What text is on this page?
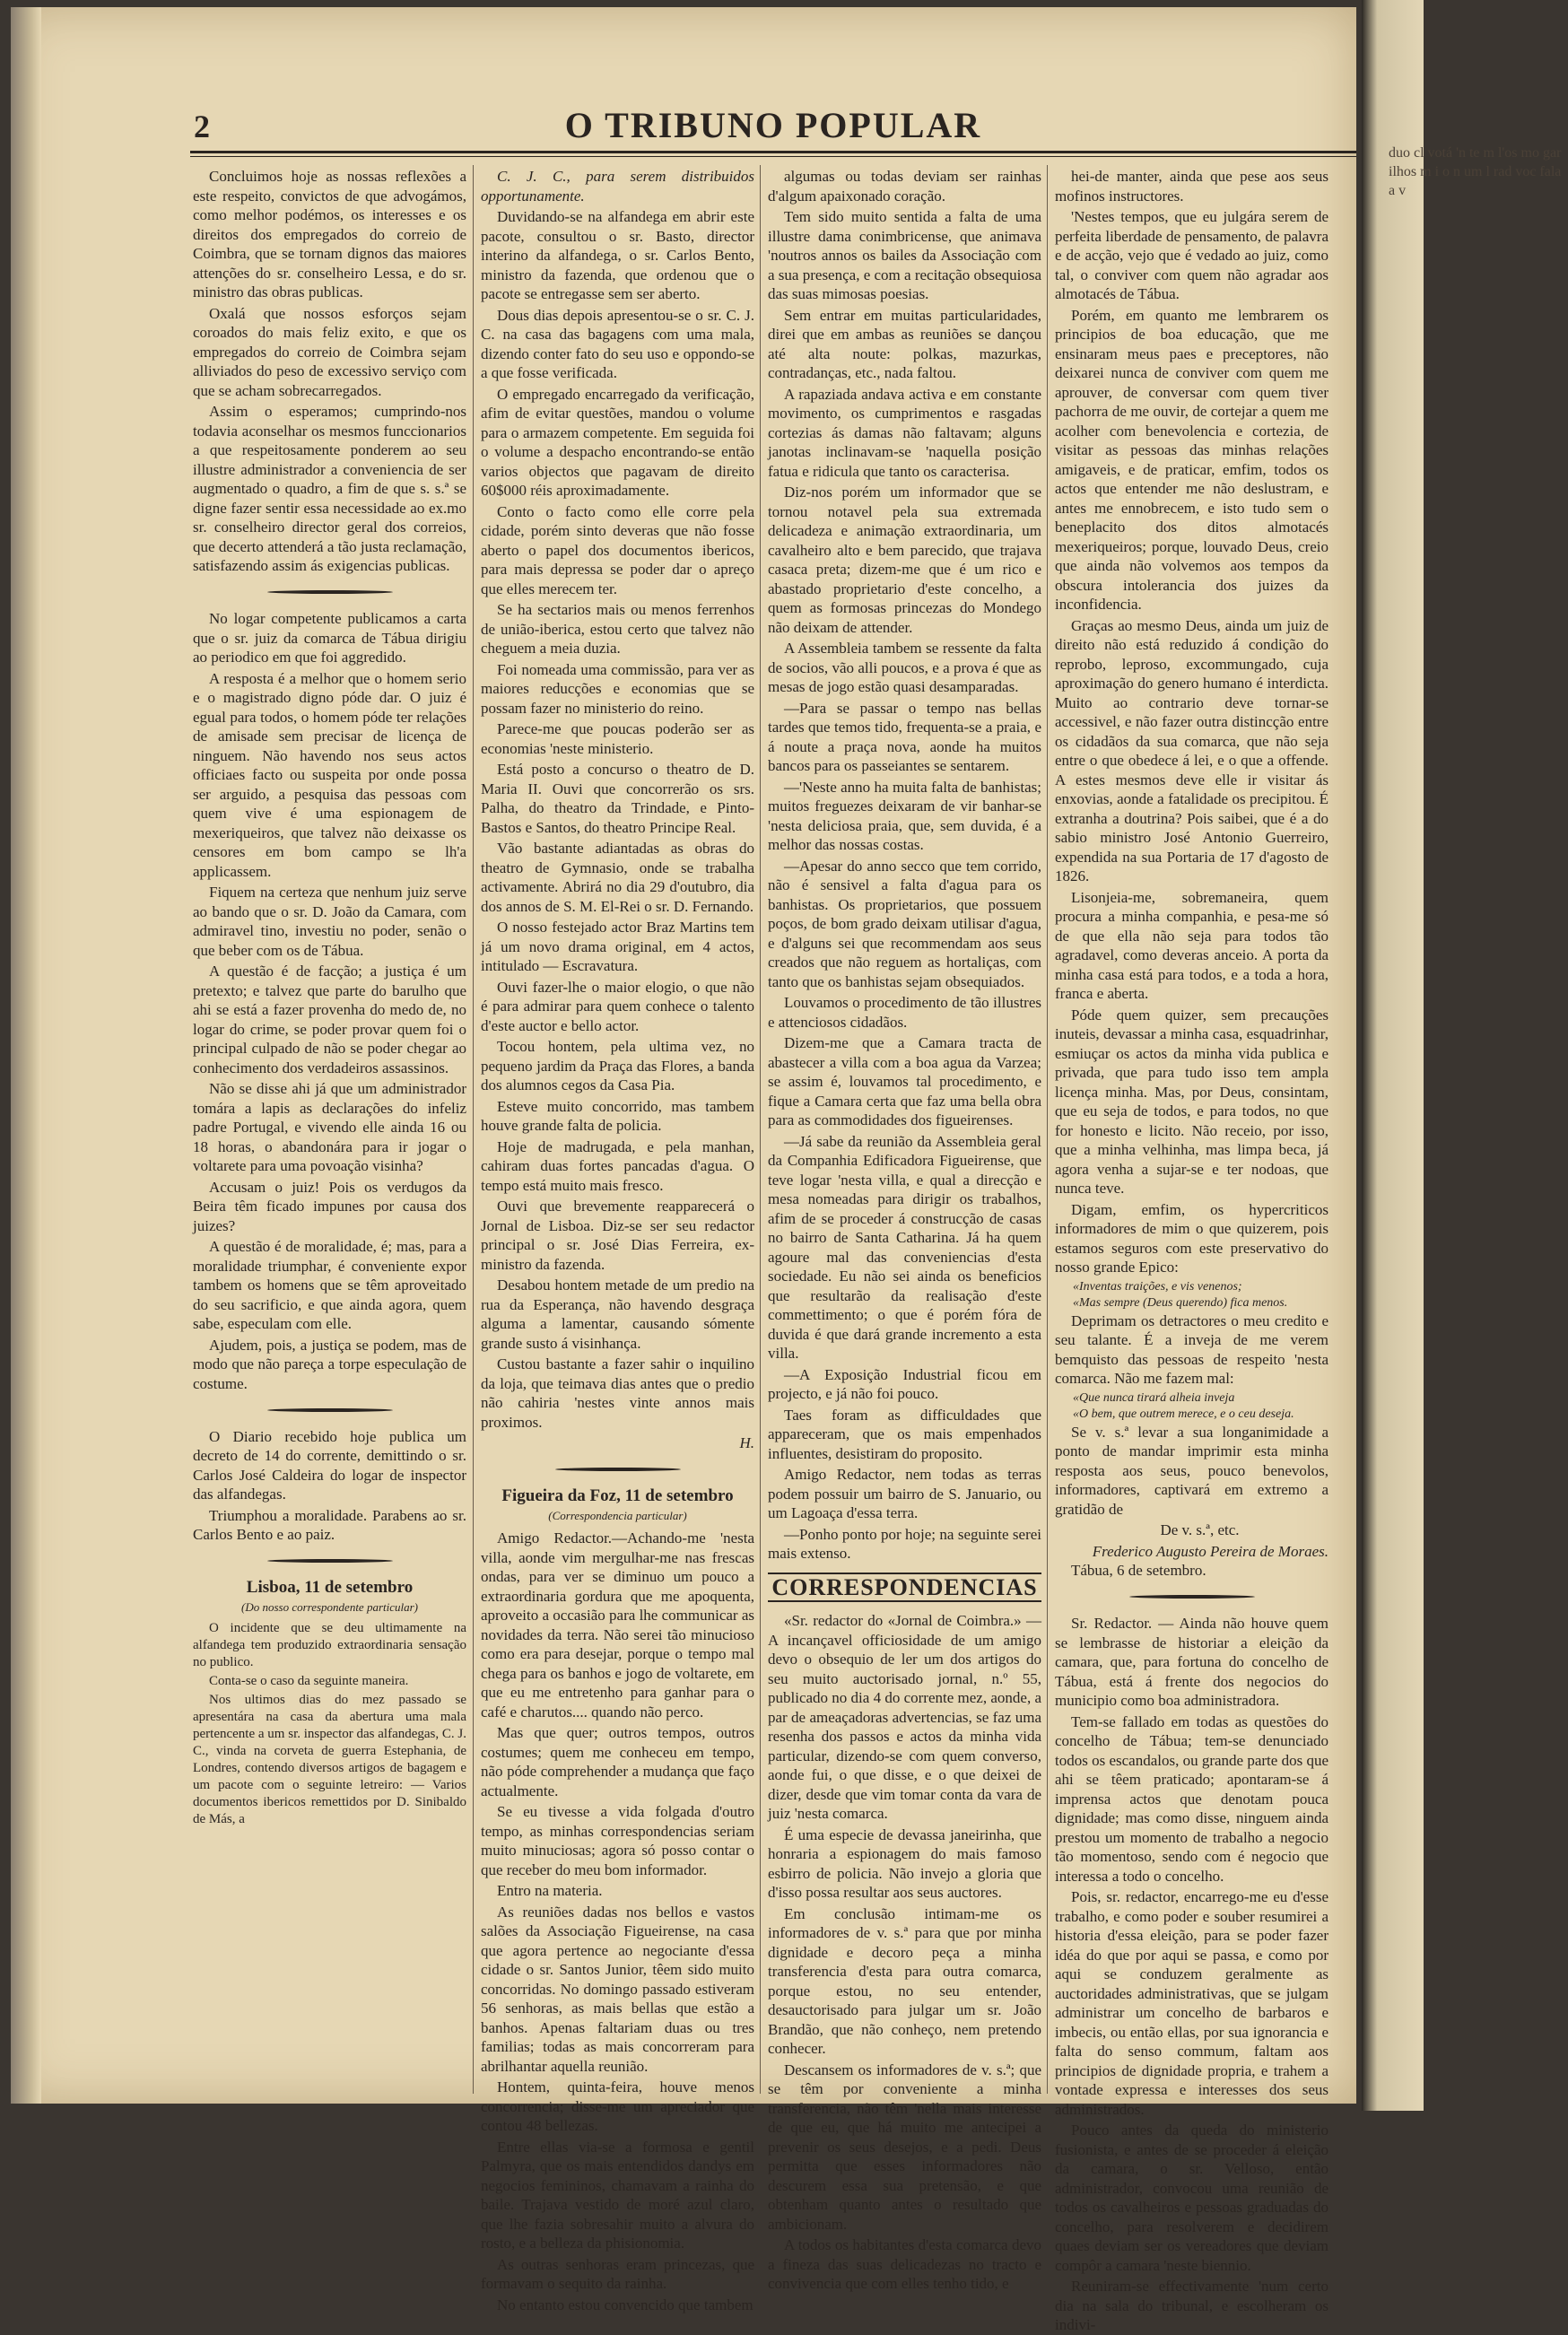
2	O TRIBUNO POPULAR

Concluimos hoje as nossas reflexões a este respeito, convictos de que advogámos, como melhor podémos, os interesses e os direitos dos empregados do correio de Coimbra, que se tornam dignos das maiores attenções do sr. conselheiro Lessa, e do sr. ministro das obras publicas.

Oxalá que nossos esforços sejam coroados do mais feliz exito, e que os empregados do correio de Coimbra sejam alliviados do peso de excessivo serviço com que se acham sobrecarregados.

Assim o esperamos; cumprindo-nos todavia aconselhar os mesmos funccionarios a que respeitosamente ponderem ao seu illustre administrador a conveniencia de ser augmentado o quadro, a fim de que s. s.ª se digne fazer sentir essa necessidade ao ex.mo sr. conselheiro director geral dos correios, que decerto attenderá a tão justa reclamação, satisfazendo assim ás exigencias publicas.

No logar competente publicamos a carta que o sr. juiz da comarca de Tábua dirigiu ao periodico em que foi aggredido.

A resposta é a melhor que o homem serio e o magistrado digno póde dar. O juiz é egual para todos, o homem póde ter relações de amisade sem precisar de licença de ninguem. Não havendo nos seus actos officiaes facto ou suspeita por onde possa ser arguido, a pesquisa das pessoas com quem vive é uma espionagem de mexeriqueiros, que talvez não deixasse os censores em bom campo se lh'a applicassem.

Fiquem na certeza que nenhum juiz serve ao bando que o sr. D. João da Camara, com admiravel tino, investiu no poder, senão o que beber com os de Tábua.

A questão é de facção; a justiça é um pretexto; e talvez que parte do barulho que ahi se está a fazer provenha do medo de, no logar do crime, se poder provar quem foi o principal culpado de não se poder chegar ao conhecimento dos verdadeiros assassinos.

Não se disse ahi já que um administrador tomára a lapis as declarações do infeliz padre Portugal, e vivendo elle ainda 16 ou 18 horas, o abandonára para ir jogar o voltarete para uma povoação visinha?

Accusam o juiz! Pois os verdugos da Beira têm ficado impunes por causa dos juizes?

A questão é de moralidade, é; mas, para a moralidade triumphar, é conveniente expor tambem os homens que se têm aproveitado do seu sacrificio, e que ainda agora, quem sabe, especulam com elle.

Ajudem, pois, a justiça se podem, mas de modo que não pareça a torpe especulação de costume.

O Diario recebido hoje publica um decreto de 14 do corrente, demittindo o sr. Carlos José Caldeira do logar de inspector das alfandegas.

Triumphou a moralidade. Parabens ao sr. Carlos Bento e ao paiz.

Lisboa, 11 de setembro
(Do nosso correspondente particular)

O incidente que se deu ultimamente na alfandega tem produzido extraordinaria sensação no publico.

Conta-se o caso da seguinte maneira.

Nos ultimos dias do mez passado se apresentára na casa da abertura uma mala pertencente a um sr. inspector das alfandegas, C. J. C., vinda na corveta de guerra Estephania, de Londres, contendo diversos artigos de bagagem e um pacote com o seguinte letreiro: — Varios documentos ibericos remettidos por D. Sinibaldo de Más, a

C. J. C., para serem distribuidos opportunamente.

Duvidando-se na alfandega em abrir este pacote, consultou o sr. Basto, director interino da alfandega, o sr. Carlos Bento, ministro da fazenda, que ordenou que o pacote se entregasse sem ser aberto.

Dous dias depois apresentou-se o sr. C. J. C. na casa das bagagens com uma mala, dizendo conter fato do seu uso e oppondo-se a que fosse verificada.

O empregado encarregado da verificação, afim de evitar questões, mandou o volume para o armazem competente. Em seguida foi o volume a despacho encontrando-se então varios objectos que pagavam de direito 60$000 réis aproximadamente.

Conto o facto como elle corre pela cidade, porém sinto deveras que não fosse aberto o papel dos documentos ibericos, para mais depressa se poder dar o apreço que elles merecem ter.

Se ha sectarios mais ou menos ferrenhos de união-iberica, estou certo que talvez não cheguem a meia duzia.

Foi nomeada uma commissão, para ver as maiores reducções e economias que se possam fazer no ministerio do reino.

Parece-me que poucas poderão ser as economias 'neste ministerio.

Está posto a concurso o theatro de D. Maria II. Ouvi que concorrerão os srs. Palha, do theatro da Trindade, e Pinto-Bastos e Santos, do theatro Principe Real.

Vão bastante adiantadas as obras do theatro de Gymnasio, onde se trabalha activamente. Abrirá no dia 29 d'outubro, dia dos annos de S. M. El-Rei o sr. D. Fernando.

O nosso festejado actor Braz Martins tem já um novo drama original, em 4 actos, intitulado — Escravatura.

Ouvi fazer-lhe o maior elogio, o que não é para admirar para quem conhece o talento d'este auctor e bello actor.

Tocou hontem, pela ultima vez, no pequeno jardim da Praça das Flores, a banda dos alumnos cegos da Casa Pia.

Esteve muito concorrido, mas tambem houve grande falta de policia.

Hoje de madrugada, e pela manhan, cahiram duas fortes pancadas d'agua. O tempo está muito mais fresco.

Ouvi que brevemente reapparecerá o Jornal de Lisboa. Diz-se ser seu redactor principal o sr. José Dias Ferreira, ex-ministro da fazenda.

Desabou hontem metade de um predio na rua da Esperança, não havendo desgraça alguma a lamentar, causando sómente grande susto á visinhança.

Custou bastante a fazer sahir o inquilino da loja, que teimava dias antes que o predio não cahiria 'nestes vinte annos mais proximos.

H.
Figueira da Foz, 11 de setembro
(Correspondencia particular)

Amigo Redactor.—Achando-me 'nesta villa, aonde vim mergulhar-me nas frescas ondas, para ver se diminuo um pouco a extraordinaria gordura que me apoquenta, aproveito a occasião para lhe communicar as novidades da terra. Não serei tão minucioso como era para desejar, porque o tempo mal chega para os banhos e jogo de voltarete, em que eu me entretenho para ganhar para o café e charutos.... quando não perco.

Mas que quer; outros tempos, outros costumes; quem me conheceu em tempo, não póde comprehender a mudança que faço actualmente.

Se eu tivesse a vida folgada d'outro tempo, as minhas correspondencias seriam muito minuciosas; agora só posso contar o que receber do meu bom informador.

Entro na materia.

As reuniões dadas nos bellos e vastos salões da Associação Figueirense, na casa que agora pertence ao negociante d'essa cidade o sr. Santos Junior, têem sido muito concorridas. No domingo passado estiveram 56 senhoras, as mais bellas que estão a banhos. Apenas faltariam duas ou tres familias; todas as mais concorreram para abrilhantar aquella reunião.

Hontem, quinta-feira, houve menos concorrencia; disse-me um apreciador que contou 48 bellezas.

Entre ellas via-se a formosa e gentil Palmyra, que os mais entendidos dandys em negocios femininos, chamavam a rainha do baile. Trajava vestido de moré azul claro, que lhe fazia sobresahir muito a alvura do rosto, e a belleza da phisionomia.

As outras senhoras eram princezas, que formavam o sequito da rainha.

No entanto estou convencido que tambem

algumas ou todas deviam ser rainhas d'algum apaixonado coração.

Tem sido muito sentida a falta de uma illustre dama conimbricense, que animava 'noutros annos os bailes da Associação com a sua presença, e com a recitação obsequiosa das suas mimosas poesias.

Sem entrar em muitas particularidades, direi que em ambas as reuniões se dançou até alta noute: polkas, mazurkas, contradanças, etc., nada faltou.

A rapaziada andava activa e em constante movimento, os cumprimentos e rasgadas cortezias ás damas não faltavam; alguns janotas inclinavam-se 'naquella posição fatua e ridicula que tanto os caracterisa.

Diz-nos porém um informador que se tornou notavel pela sua extremada delicadeza e animação extraordinaria, um cavalheiro alto e bem parecido, que trajava casaca preta; dizem-me que é um rico e abastado proprietario d'este concelho, a quem as formosas princezas do Mondego não deixam de attender.

A Assembleia tambem se ressente da falta de socios, vão alli poucos, e a prova é que as mesas de jogo estão quasi desamparadas.

—Para se passar o tempo nas bellas tardes que temos tido, frequenta-se a praia, e á noute a praça nova, aonde ha muitos bancos para os passeiantes se sentarem.

—'Neste anno ha muita falta de banhistas; muitos freguezes deixaram de vir banhar-se 'nesta deliciosa praia, que, sem duvida, é a melhor das nossas costas.

—Apesar do anno secco que tem corrido, não é sensivel a falta d'agua para os banhistas. Os proprietarios, que possuem poços, de bom grado deixam utilisar d'agua, e d'alguns sei que recommendam aos seus creados que não reguem as hortaliças, com tanto que os banhistas sejam obsequiados.

Louvamos o procedimento de tão illustres e attenciosos cidadãos.

Dizem-me que a Camara tracta de abastecer a villa com a boa agua da Varzea; se assim é, louvamos tal procedimento, e fique a Camara certa que faz uma bella obra para as commodidades dos figueirenses.

—Já sabe da reunião da Assembleia geral da Companhia Edificadora Figueirense, que teve logar 'nesta villa, e qual a direcção e mesa nomeadas para dirigir os trabalhos, afim de se proceder á construcção de casas no bairro de Santa Catharina. Já ha quem agoure mal das conveniencias d'esta sociedade. Eu não sei ainda os beneficios que resultarão da realisação d'este commettimento; o que é porém fóra de duvida é que dará grande incremento a esta villa.

—A Exposição Industrial ficou em projecto, e já não foi pouco.

Taes foram as difficuldades que appareceram, que os mais empenhados influentes, desistiram do proposito.

Amigo Redactor, nem todas as terras podem possuir um bairro de S. Januario, ou um Lagoaça d'essa terra.

—Ponho ponto por hoje; na seguinte serei mais extenso.

CORRESPONDENCIAS

«Sr. redactor do «Jornal de Coimbra.» — A incançavel officiosidade de um amigo devo o obsequio de ler um dos artigos do seu muito auctorisado jornal, n.º 55, publicado no dia 4 do corrente mez, aonde, a par de ameaçadoras advertencias, se faz uma resenha dos passos e actos da minha vida particular, dizendo-se com quem converso, aonde fui, o que disse, e o que deixei de dizer, desde que vim tomar conta da vara de juiz 'nesta comarca.

É uma especie de devassa janeirinha, que honraria a espionagem do mais famoso esbirro de policia. Não invejo a gloria que d'isso possa resultar aos seus auctores.

Em conclusão intimam-me os informadores de v. s.ª para que por minha dignidade e decoro peça a minha transferencia d'esta para outra comarca, porque estou, no seu entender, desauctorisado para julgar um sr. João Brandão, que não conheço, nem pretendo conhecer.

Descansem os informadores de v. s.ª; que se têm por conveniente a minha transferencia, não têm 'nella mais interesse de que eu, que há muito me antecipei a prevenir os seus desejos, e a pedi. Deus permitta que esses informadores não descurem essa sua pretensão, e que obtenham quanto antes o resultado que ambicionam.

A todos os habitantes d'esta comarca devo a fineza das suas delicadezas no tracto e convivencia que com elles tenho tido, e

hei-de manter, ainda que pese aos seus mofinos instructores.

'Nestes tempos, que eu julgára serem de perfeita liberdade de pensamento, de palavra e de acção, vejo que é vedado ao juiz, como tal, o conviver com quem não agradar aos almotacés de Tábua.

Porém, em quanto me lembrarem os principios de boa educação, que me ensinaram meus paes e preceptores, não deixarei nunca de conviver com quem me aprouver, de conversar com quem tiver pachorra de me ouvir, de cortejar a quem me acolher com benevolencia e cortezia, de visitar as pessoas das minhas relações amigaveis, e de praticar, emfim, todos os actos que entender me não deslustram, e antes me ennobrecem, e isto tudo sem o beneplacito dos ditos almotacés mexeriqueiros; porque, louvado Deus, creio que ainda não volvemos aos tempos da obscura intolerancia dos juizes da inconfidencia.

Graças ao mesmo Deus, ainda um juiz de direito não está reduzido á condição do reprobo, leproso, excommungado, cuja aproximação do genero humano é interdicta. Muito ao contrario deve tornar-se accessivel, e não fazer outra distincção entre os cidadãos da sua comarca, que não seja entre o que obedece á lei, e o que a offende. A estes mesmos deve elle ir visitar ás enxovias, aonde a fatalidade os precipitou. É extranha a doutrina? Pois saibei, que é a do sabio ministro José Antonio Guerreiro, expendida na sua Portaria de 17 d'agosto de 1826.

Lisonjeia-me, sobremaneira, quem procura a minha companhia, e pesa-me só de que ella não seja para todos tão agradavel, como deveras anceio. A porta da minha casa está para todos, e a toda a hora, franca e aberta.

Póde quem quizer, sem precauções inuteis, devassar a minha casa, esquadrinhar, esmiuçar os actos da minha vida publica e privada, que para tudo isso tem ampla licença minha. Mas, por Deus, consintam, que eu seja de todos, e para todos, no que for honesto e licito. Não receio, por isso, que a minha velhinha, mas limpa beca, já agora venha a sujar-se e ter nodoas, que nunca teve.

Digam, emfim, os hypercriticos informadores de mim o que quizerem, pois estamos seguros com este preservativo do nosso grande Epico:

«Inventas traições, e vis venenos;
«Mas sempre (Deus querendo) fica menos.

Deprimam os detractores o meu credito e seu talante. É a inveja de me verem bemquisto das pessoas de respeito 'nesta comarca. Não me fazem mal:

«Que nunca tirará alheia inveja
«O bem, que outrem merece, e o ceu deseja.

Se v. s.ª levar a sua longanimidade a ponto de mandar imprimir esta minha resposta aos seus, pouco benevolos, informadores, captivará em extremo a gratidão de

De v. s.ª, etc.

Frederico Augusto Pereira de Moraes.

Tábua, 6 de setembro.

Sr. Redactor. — Ainda não houve quem se lembrasse de historiar a eleição da camara, que, para fortuna do concelho de Tábua, está á frente dos negocios do municipio como boa administradora.

Tem-se fallado em todas as questões do concelho de Tábua; tem-se denunciado todos os escandalos, ou grande parte dos que ahi se têem praticado; apontaram-se á imprensa actos que denotam pouca dignidade; mas como disse, ninguem ainda prestou um momento de trabalho a negocio tão momentoso, sendo com é negocio que interessa a todo o concelho.

Pois, sr. redactor, encarrego-me eu d'esse trabalho, e como poder e souber resumirei a historia d'essa eleição, para se poder fazer idéa do que por aqui se passa, e como por aqui se conduzem geralmente as auctoridades administrativas, que se julgam administrar um concelho de barbaros e imbecis, ou então ellas, por sua ignorancia e falta do senso commum, faltam aos principios de dignidade propria, e trahem a vontade expressa e interesses dos seus administrados.

Pouco antes da queda do ministerio fusionista, e antes de se proceder á eleição da camara, o sr. Velloso, então administrador, convocou uma reunião de todos os cavalheiros e pessoas graduadas do concelho, para resolverem e decidirem quaes deviam ser os vereadores que deviam compôr a camara 'neste biennio.

Reuniram-se effectivamente 'num certo dia na sala do tribunal, e escolheram os indivi-

duo cl votá 'n te m l'os mo gar ilhos m i o n um l rad voc fala a v
